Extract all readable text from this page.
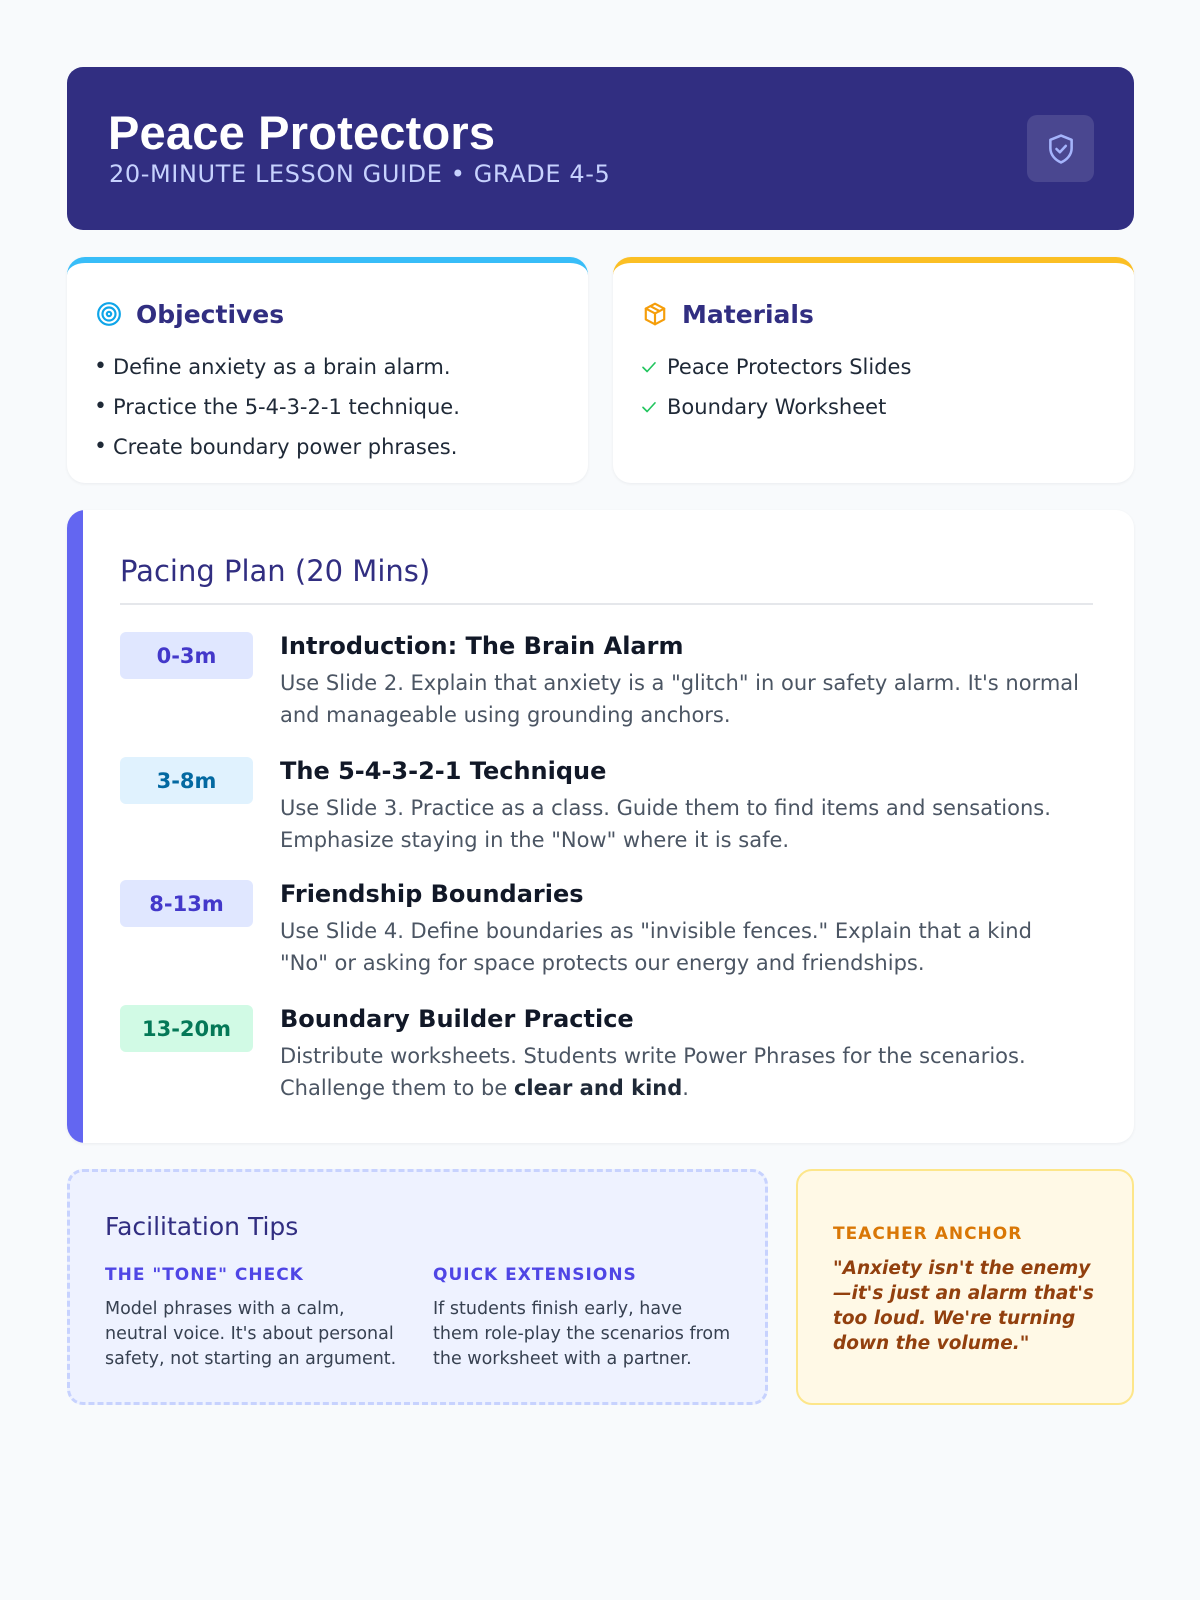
Peace Protectors
20-MINUTE LESSON GUIDE • GRADE 4-5
Objectives
• Define anxiety as a brain alarm.
• Practice the 5-4-3-2-1 technique.
• Create boundary power phrases.
Materials
Peace Protectors Slides
Boundary Worksheet
Pacing Plan (20 Mins)
0-3m	Introduction: The Brain Alarm
Use Slide 2. Explain that anxiety is a "glitch" in our safety alarm. It's normal and manageable using grounding anchors.
3-8m	The 5-4-3-2-1 Technique
Use Slide 3. Practice as a class. Guide them to find items and sensations. Emphasize staying in the "Now" where it is safe.
8-13m	Friendship Boundaries
Use Slide 4. Define boundaries as "invisible fences." Explain that a kind "No" or asking for space protects our energy and friendships.
13-20m	Boundary Builder Practice
Distribute worksheets. Students write Power Phrases for the scenarios. Challenge them to be clear and kind.
Facilitation Tips
THE "TONE" CHECK
Model phrases with a calm, neutral voice. It's about personal safety, not starting an argument.
QUICK EXTENSIONS
If students finish early, have them role-play the scenarios from the worksheet with a partner.
TEACHER ANCHOR
"Anxiety isn't the enemy—it's just an alarm that's too loud. We're turning down the volume."
